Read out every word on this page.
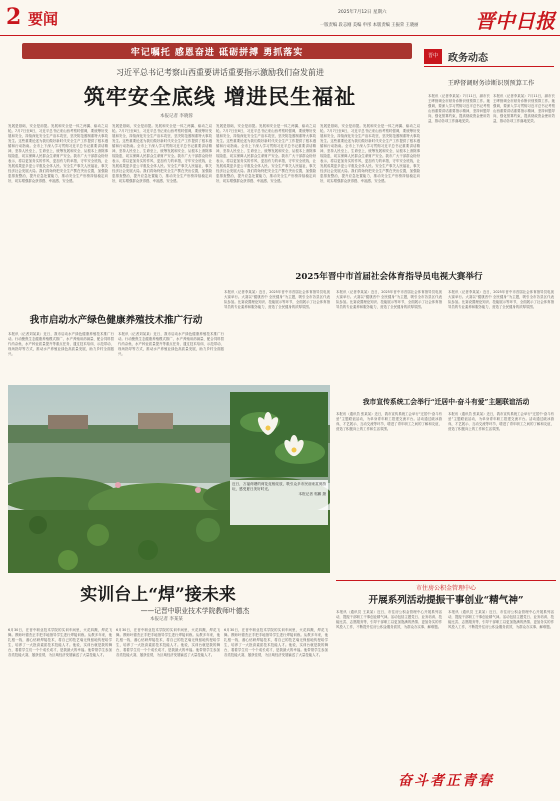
2 要闻	2025年7月12日 星期六
一版责编 段志刚 美编 申彤 本版责编 王振荣 王晓丽	晋中日报
牢记嘱托 感恩奋进 砥砺拼搏 勇抓落实
习近平总书记考察山西重要讲话重要指示激励我们奋发前进
筑牢安全底线 增进民生福祉
本报记者 李晓蓉
发展是基础，安全是前提。发展和安全是一体之两翼、驱动之双轮。7月7日至8日，习近平总书记来山西考察时强调，要统筹好发展和安全，持续深化安全生产治本攻坚，坚决防范遏制重特大事故发生。这些重要论述为我们做好新时代安全生产工作提供了根本遵循和行动指南。全市上下深入学习贯彻习近平总书记重要讲话精神，坚持人民至上、生命至上，统筹发展和安全，从根本上消除事故隐患，切实保障人民群众生命财产安全。我市广大干部群众纷纷表示，将以更加务实的作风、更加有力的举措，守牢安全底线，让发展成果更多更公平惠及全体人民。安全生产事关人民福祉，事关经济社会发展大局。我们将始终把安全生产摆在突出位置，加强隐患排查整治，提升应急处置能力，推动安全生产形势持续稳定向好，切实增强群众获得感、幸福感、安全感。
发展是基础，安全是前提。发展和安全是一体之两翼、驱动之双轮。7月7日至8日，习近平总书记来山西考察时强调，要统筹好发展和安全，持续深化安全生产治本攻坚，坚决防范遏制重特大事故发生。这些重要论述为我们做好新时代安全生产工作提供了根本遵循和行动指南。全市上下深入学习贯彻习近平总书记重要讲话精神，坚持人民至上、生命至上，统筹发展和安全，从根本上消除事故隐患，切实保障人民群众生命财产安全。我市广大干部群众纷纷表示，将以更加务实的作风、更加有力的举措，守牢安全底线，让发展成果更多更公平惠及全体人民。安全生产事关人民福祉，事关经济社会发展大局。我们将始终把安全生产摆在突出位置，加强隐患排查整治，提升应急处置能力，推动安全生产形势持续稳定向好，切实增强群众获得感、幸福感、安全感。
发展是基础，安全是前提。发展和安全是一体之两翼、驱动之双轮。7月7日至8日，习近平总书记来山西考察时强调，要统筹好发展和安全，持续深化安全生产治本攻坚，坚决防范遏制重特大事故发生。这些重要论述为我们做好新时代安全生产工作提供了根本遵循和行动指南。全市上下深入学习贯彻习近平总书记重要讲话精神，坚持人民至上、生命至上，统筹发展和安全，从根本上消除事故隐患，切实保障人民群众生命财产安全。我市广大干部群众纷纷表示，将以更加务实的作风、更加有力的举措，守牢安全底线，让发展成果更多更公平惠及全体人民。安全生产事关人民福祉，事关经济社会发展大局。我们将始终把安全生产摆在突出位置，加强隐患排查整治，提升应急处置能力，推动安全生产形势持续稳定向好，切实增强群众获得感、幸福感、安全感。
发展是基础，安全是前提。发展和安全是一体之两翼、驱动之双轮。7月7日至8日，习近平总书记来山西考察时强调，要统筹好发展和安全，持续深化安全生产治本攻坚，坚决防范遏制重特大事故发生。这些重要论述为我们做好新时代安全生产工作提供了根本遵循和行动指南。全市上下深入学习贯彻习近平总书记重要讲话精神，坚持人民至上、生命至上，统筹发展和安全，从根本上消除事故隐患，切实保障人民群众生命财产安全。我市广大干部群众纷纷表示，将以更加务实的作风、更加有力的举措，守牢安全底线，让发展成果更多更公平惠及全体人民。安全生产事关人民福祉，事关经济社会发展大局。我们将始终把安全生产摆在突出位置，加强隐患排查整治，提升应急处置能力，推动安全生产形势持续稳定向好，切实增强群众获得感、幸福感、安全感。
晋中	政务动态
王晔督调财务诊断识别预算工作
本报讯（记者李某某）7月11日，副市长王晔督调全市财务诊断识别预算工作。她强调，要深入学习贯彻习近平总书记考察山西重要讲话重要指示精神，坚持问题导向，强化预算约束，提高财政资金使用效益，推动各项工作落地见效。
本报讯（记者李某某）7月11日，副市长王晔督调全市财务诊断识别预算工作。她强调，要深入学习贯彻习近平总书记考察山西重要讲话重要指示精神，坚持问题导向，强化预算约束，提高财政资金使用效益，推动各项工作落地见效。
2025年晋中市首届社会体育指导员电视大赛举行
本报讯（记者李某某）近日，2025年晋中市首届社会体育指导员电视大赛举行。大赛以“健康晋中 全民健身”为主题，吸引全市各县区代表队参加。比赛设置理论知识、技能展示等环节，全面展示了社会体育指导员的专业素养和服务能力，营造了全民健身的浓厚氛围。
本报讯（记者李某某）近日，2025年晋中市首届社会体育指导员电视大赛举行。大赛以“健康晋中 全民健身”为主题，吸引全市各县区代表队参加。比赛设置理论知识、技能展示等环节，全面展示了社会体育指导员的专业素养和服务能力，营造了全民健身的浓厚氛围。
本报讯（记者李某某）近日，2025年晋中市首届社会体育指导员电视大赛举行。大赛以“健康晋中 全民健身”为主题，吸引全市各县区代表队参加。比赛设置理论知识、技能展示等环节，全面展示了社会体育指导员的专业素养和服务能力，营造了全民健身的浓厚氛围。
我市启动水产绿色健康养殖技术推广行动
本报讯（记者刘某某）近日，我市启动水产绿色健康养殖技术推广行动。行动聚焦生态健康养殖模式推广、水产养殖用药减量、配合饲料替代幼杂鱼、水产种业质量提升等重点任务，通过技术培训、示范带动、现场指导等方式，推动水产养殖业绿色高质量发展，助力乡村全面振兴。
本报讯（记者刘某某）近日，我市启动水产绿色健康养殖技术推广行动。行动聚焦生态健康养殖模式推广、水产养殖用药减量、配合饲料替代幼杂鱼、水产种业质量提升等重点任务，通过技术培训、示范带动、现场指导等方式，推动水产养殖业绿色高质量发展，助力乡村全面振兴。
近日，万福荷塘的荷花竞相绽放，吸引众多市民前来赏荷游玩，感受夏日美好时光。
本报记者 郭鹏 摄
我市宣传系统工会举行“迁居中·奋斗有爱”主题联谊活动
本报讯（通讯员 张某某）近日，我市宣传系统工会举行“迁居中·奋斗有爱”主题联谊活动，为单身青年职工搭建交流平台。活动通过破冰游戏、才艺展示、互动交流等环节，增进了青年职工之间的了解和友谊，营造了积极向上的工作和生活氛围。
本报讯（通讯员 张某某）近日，我市宣传系统工会举行“迁居中·奋斗有爱”主题联谊活动，为单身青年职工搭建交流平台。活动通过破冰游戏、才艺展示、互动交流等环节，增进了青年职工之间的了解和友谊，营造了积极向上的工作和生活氛围。
实训台上“焊”接未来
——记晋中职业技术学院教师叶德杰
本报记者 李某某
6月30日，在晋中职业技术学院的实训车间里，火花四溅，焊花飞舞。教师叶德杰正手把手地指导学生进行焊接训练。从教多年来，他扎根一线，潜心钻研焊接技术，将自己的技艺毫无保留地传授给学生，培养了一大批高素质技术技能人才。他说，实训台就是我的舞台，看着学生们一个个成长成才，是我最大的幸福。他带领学生参加各类技能大赛，屡获佳绩，为区域经济发展输送了大量技能人才。
6月30日，在晋中职业技术学院的实训车间里，火花四溅，焊花飞舞。教师叶德杰正手把手地指导学生进行焊接训练。从教多年来，他扎根一线，潜心钻研焊接技术，将自己的技艺毫无保留地传授给学生，培养了一大批高素质技术技能人才。他说，实训台就是我的舞台，看着学生们一个个成长成才，是我最大的幸福。他带领学生参加各类技能大赛，屡获佳绩，为区域经济发展输送了大量技能人才。
6月30日，在晋中职业技术学院的实训车间里，火花四溅，焊花飞舞。教师叶德杰正手把手地指导学生进行焊接训练。从教多年来，他扎根一线，潜心钻研焊接技术，将自己的技艺毫无保留地传授给学生，培养了一大批高素质技术技能人才。他说，实训台就是我的舞台，看着学生们一个个成长成才，是我最大的幸福。他带领学生参加各类技能大赛，屡获佳绩，为区域经济发展输送了大量技能人才。
市住房公积金管理中心
开展系列活动提振干事创业“精气神”
本报讯（通讯员 王某某）近日，市住房公积金管理中心开展系列活动，提振干部职工干事创业精气神。活动包括主题党日、业务培训、技能比武、志愿服务等，引导干部职工以更加饱满的热情、更加务实的作风投入工作，不断提升住房公积金服务质效，为群众办实事、解难题。
本报讯（通讯员 王某某）近日，市住房公积金管理中心开展系列活动，提振干部职工干事创业精气神。活动包括主题党日、业务培训、技能比武、志愿服务等，引导干部职工以更加饱满的热情、更加务实的作风投入工作，不断提升住房公积金服务质效，为群众办实事、解难题。
奋斗者正青春
